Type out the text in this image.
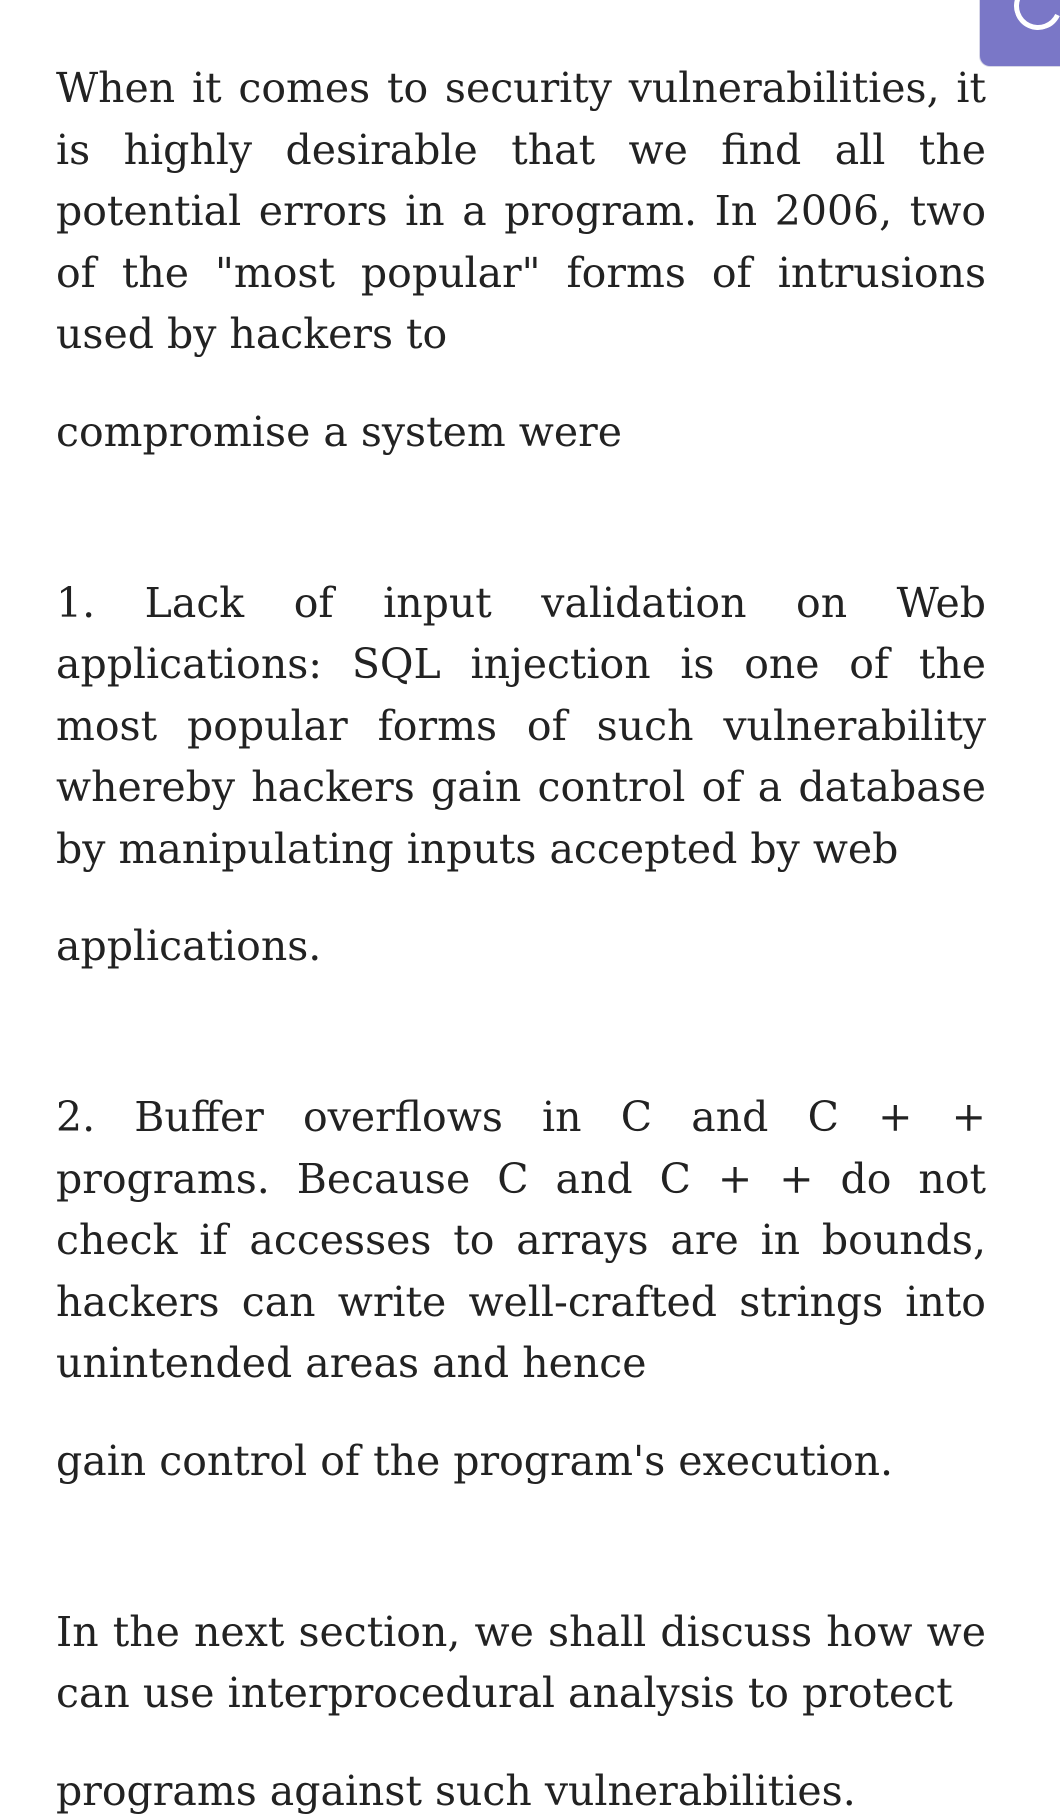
When it comes to security vulnerabilities, it is highly desirable that we find all the potential errors in a program. In 2006, two of the "most popular" forms of intrusions used by hackers to

compromise a system were

1. Lack of input validation on Web applications: SQL injection is one of the most popular forms of such vulnerability whereby hackers gain control of a database by manipulating inputs accepted by web

applications.

2. Buffer overflows in C and C + + programs. Because C and C + + do not check if accesses to arrays are in bounds, hackers can write well-crafted strings into unintended areas and hence

gain control of the program's execution.

In the next section, we shall discuss how we can use interprocedural analysis to protect

programs against such vulnerabilities.
